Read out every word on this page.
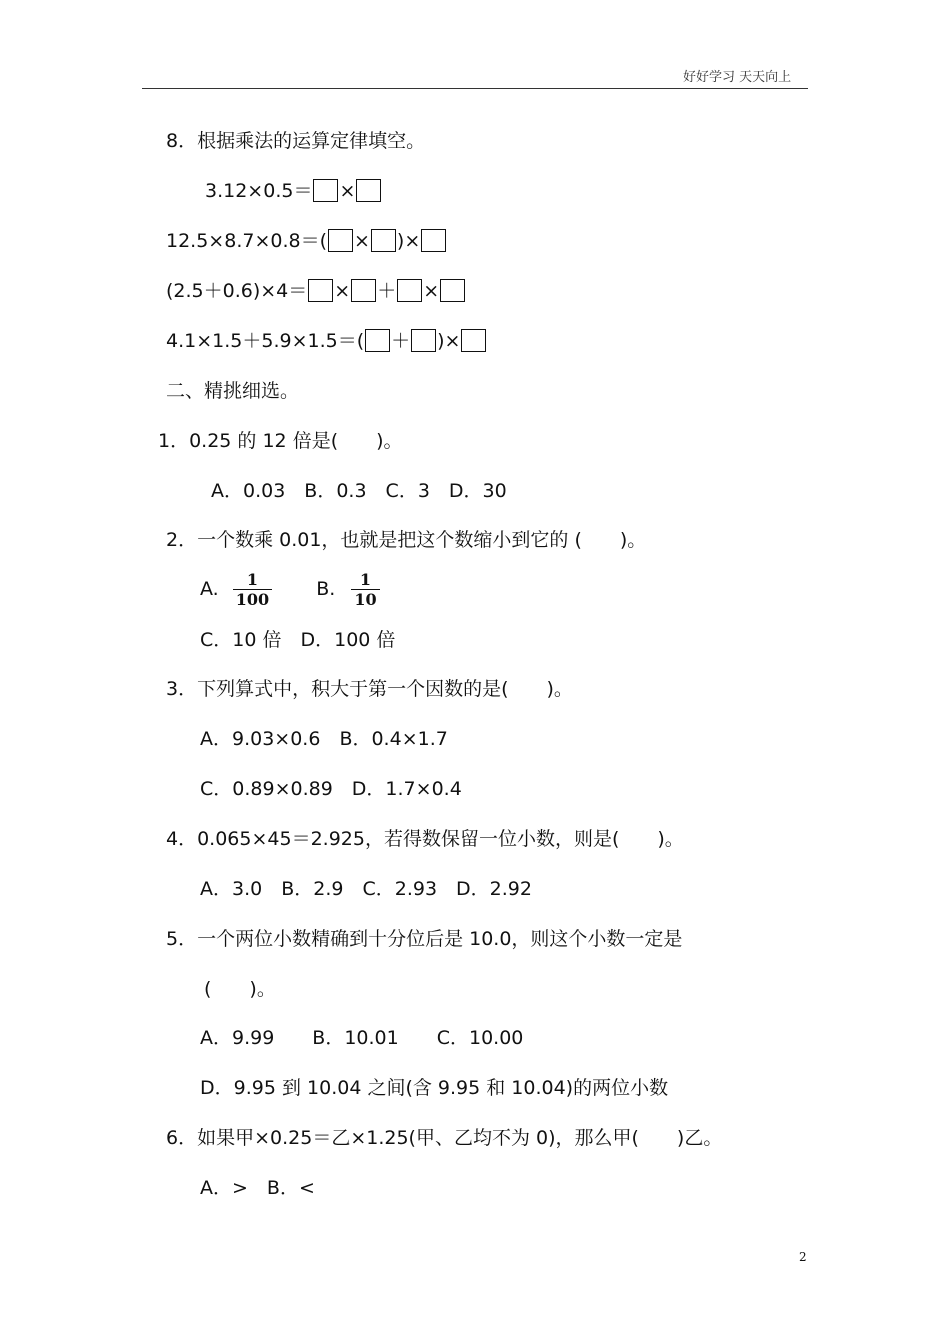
好好学习 天天向上
8．根据乘法的运算定律填空。
3.12×0.5＝ ×
12.5×8.7×0.8＝( × )×
(2.5＋0.6)×4＝ × ＋ ×
4.1×1.5＋5.9×1.5＝( ＋ )×
二、精挑细选。
1．0.25 的 12 倍是(　　)。
A．0.03　B．0.3　C．3　D．30
2．一个数乘 0.01，也就是把这个数缩小到它的 (　　)。
A. $\frac{1}{100} B$. $\frac{1}{10}$
C．10 倍　D．100 倍
3．下列算式中，积大于第一个因数的是(　　)。
A．9.03×0.6　B．0.4×1.7
C．0.89×0.89　D．1.7×0.4
4．0.065×45＝2.925，若得数保留一位小数，则是(　　)。
A．3.0　B．2.9　C．2.93　D．2.92
5．一个两位小数精确到十分位后是 10.0，则这个小数一定是
(　　)。
A．9.99　　B．10.01　　C．10.00
D．9.95 到 10.04 之间(含 9.95 和 10.04)的两位小数
6．如果甲×0.25＝乙×1.25(甲、乙均不为 0)，那么甲(　　)乙。
A．>　B．<
2
